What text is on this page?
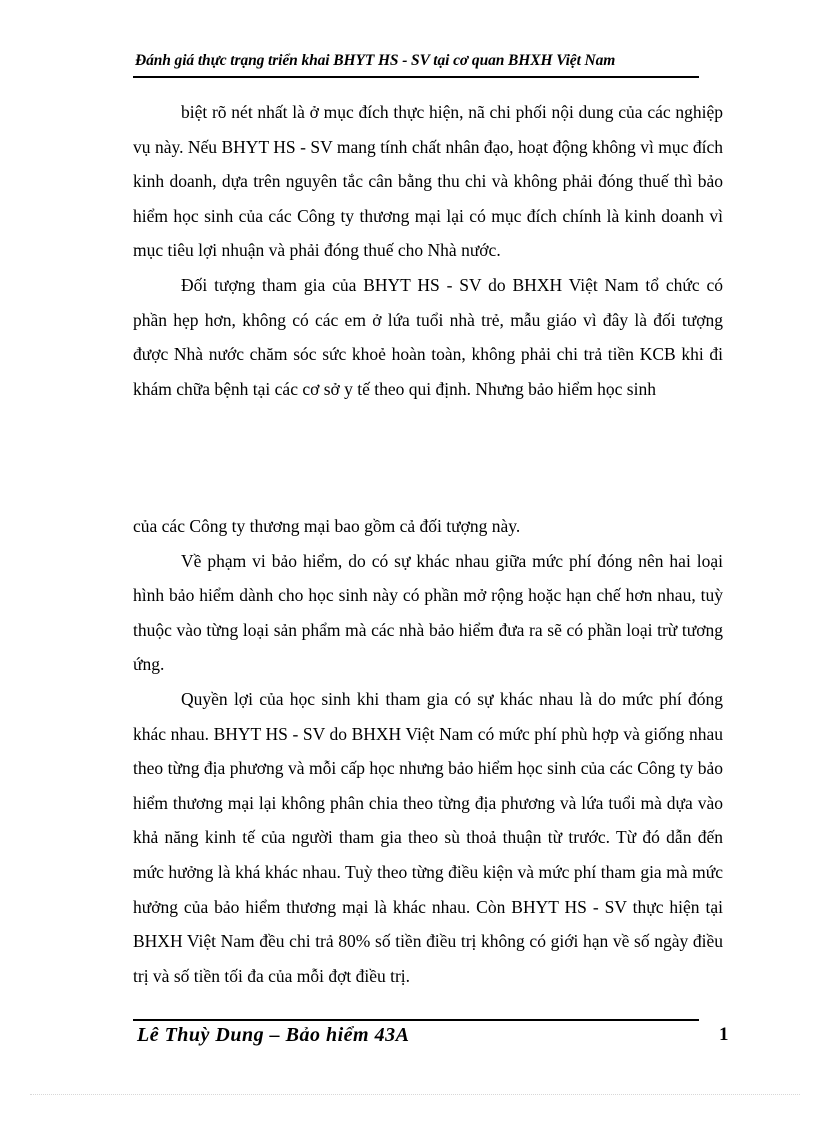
Đánh giá thực trạng triển khai BHYT HS - SV tại cơ quan BHXH Việt Nam

biệt rõ nét nhất là ở mục đích thực hiện, nã chi phối nội dung của các nghiệp vụ này. Nếu BHYT HS - SV mang tính chất nhân đạo, hoạt động không vì mục đích kinh doanh, dựa trên nguyên tắc cân bằng thu chi và không phải đóng thuế thì bảo hiểm học sinh của các Công ty thương mại lại có mục đích chính là kinh doanh vì mục tiêu lợi nhuận và phải đóng thuế cho Nhà nước.

Đối tượng tham gia của BHYT HS - SV do BHXH Việt Nam tổ chức có phần hẹp hơn, không có các em ở lứa tuổi nhà trẻ, mẫu giáo vì đây là đối tượng được Nhà nước chăm sóc sức khoẻ hoàn toàn, không phải chi trả tiền KCB khi đi khám chữa bệnh tại các cơ sở y tế theo qui định. Nhưng bảo hiểm học sinh

của các Công ty thương mại bao gồm cả đối tượng này.

Về phạm vi bảo hiểm, do có sự khác nhau giữa mức phí đóng nên hai loại hình bảo hiểm dành cho học sinh này có phần mở rộng hoặc hạn chế hơn nhau, tuỳ thuộc vào từng loại sản phẩm mà các nhà bảo hiểm đưa ra sẽ có phần loại trừ tương ứng.

Quyền lợi của học sinh khi tham gia có sự khác nhau là do mức phí đóng khác nhau. BHYT HS - SV do BHXH Việt Nam có mức phí phù hợp và giống nhau theo từng địa phương và mỗi cấp học nhưng bảo hiểm học sinh của các Công ty bảo hiểm thương mại lại không phân chia theo từng địa phương và lứa tuổi mà dựa vào khả năng kinh tế của người tham gia theo sù thoả thuận từ trước. Từ đó dẫn đến mức hưởng là khá khác nhau. Tuỳ theo từng điều kiện và mức phí tham gia mà mức hưởng của bảo hiểm thương mại là khác nhau. Còn BHYT HS - SV thực hiện tại BHXH Việt Nam đều chi trả 80% số tiền điều trị không có giới hạn về số ngày điều trị và số tiền tối đa của mỗi đợt điều trị.

Lê Thuỳ Dung – Bảo hiểm 43A	1
